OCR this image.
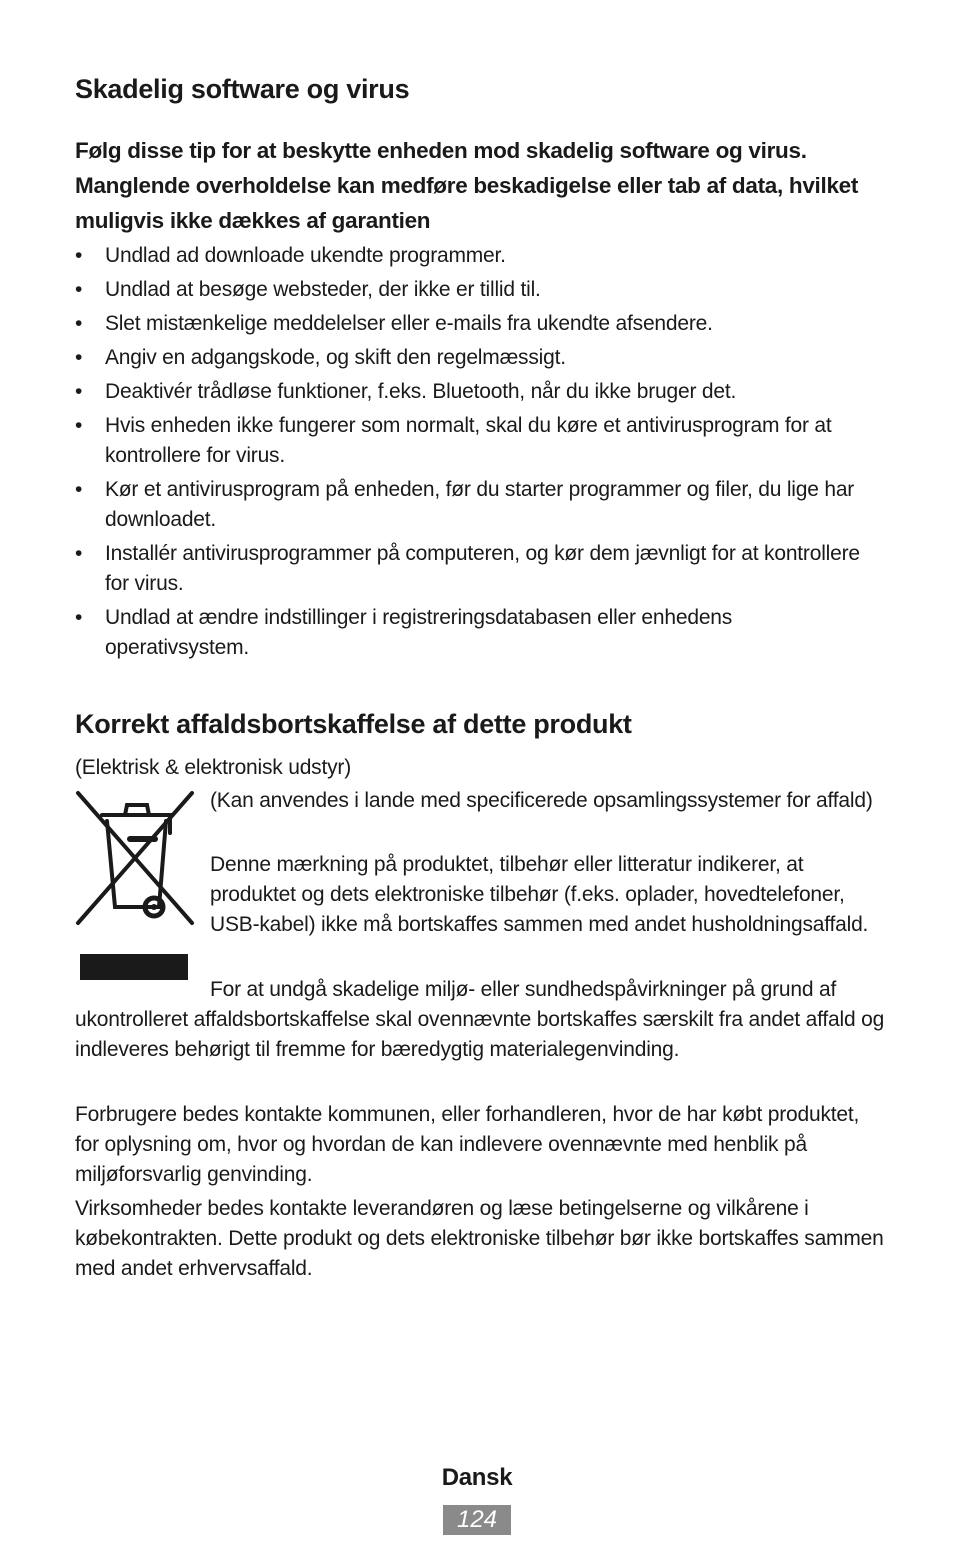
Skadelig software og virus
Følg disse tip for at beskytte enheden mod skadelig software og virus. Manglende overholdelse kan medføre beskadigelse eller tab af data, hvilket muligvis ikke dækkes af garantien
• Undlad ad downloade ukendte programmer.
• Undlad at besøge websteder, der ikke er tillid til.
• Slet mistænkelige meddelelser eller e-mails fra ukendte afsendere.
• Angiv en adgangskode, og skift den regelmæssigt.
• Deaktivér trådløse funktioner, f.eks. Bluetooth, når du ikke bruger det.
• Hvis enheden ikke fungerer som normalt, skal du køre et antivirusprogram for at kontrollere for virus.
• Kør et antivirusprogram på enheden, før du starter programmer og filer, du lige har downloadet.
• Installér antivirusprogrammer på computeren, og kør dem jævnligt for at kontrollere for virus.
• Undlad at ændre indstillinger i registreringsdatabasen eller enhedens operativsystem.
Korrekt affaldsbortskaffelse af dette produkt
(Elektrisk & elektronisk udstyr)
(Kan anvendes i lande med specificerede opsamlingssystemer for affald)
Denne mærkning på produktet, tilbehør eller litteratur indikerer, at produktet og dets elektroniske tilbehør (f.eks. oplader, hovedtelefoner, USB-kabel) ikke må bortskaffes sammen med andet husholdningsaffald.
For at undgå skadelige miljø- eller sundhedspåvirkninger på grund af ukontrolleret affaldsbortskaffelse skal ovennævnte bortskaffes særskilt fra andet affald og indleveres behørigt til fremme for bæredygtig materialegenvinding.
Forbrugere bedes kontakte kommunen, eller forhandleren, hvor de har købt produktet, for oplysning om, hvor og hvordan de kan indlevere ovennævnte med henblik på miljøforsvarlig genvinding.
Virksomheder bedes kontakte leverandøren og læse betingelserne og vilkårene i købekontrakten. Dette produkt og dets elektroniske tilbehør bør ikke bortskaffes sammen med andet erhvervsaffald.
Dansk
124
